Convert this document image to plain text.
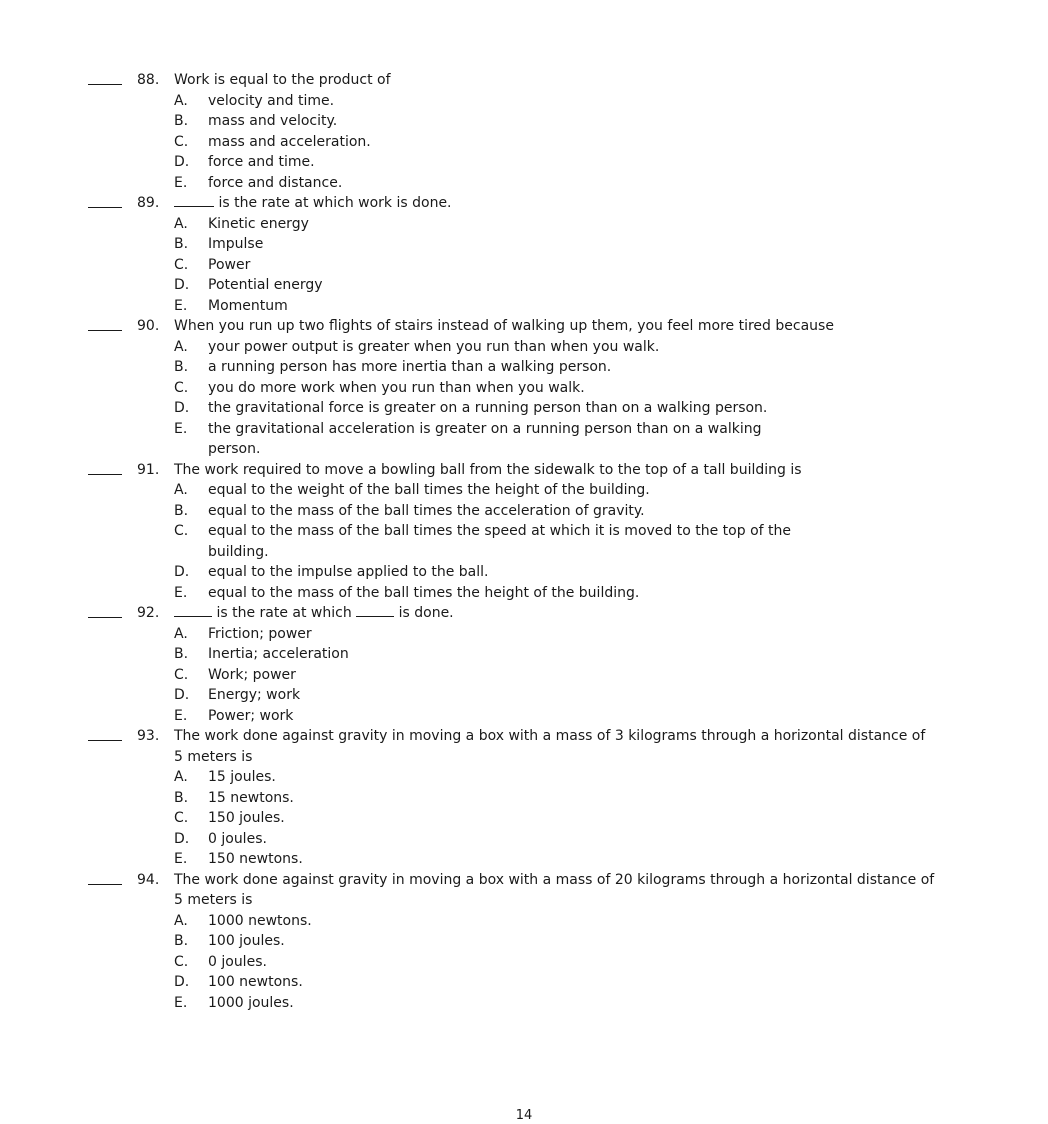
88. Work is equal to the product of
A. velocity and time.
B. mass and velocity.
C. mass and acceleration.
D. force and time.
E. force and distance.
89.	is the rate at which work is done.
A. Kinetic energy
B. Impulse
C. Power
D. Potential energy
E. Momentum
90. When you run up two flights of stairs instead of walking up them, you feel more tired because
A. your power output is greater when you run than when you walk.
B. a running person has more inertia than a walking person.
C. you do more work when you run than when you walk.
D. the gravitational force is greater on a running person than on a walking person.
E. the gravitational acceleration is greater on a running person than on a walking person.
91. The work required to move a bowling ball from the sidewalk to the top of a tall building is
A. equal to the weight of the ball times the height of the building.
B. equal to the mass of the ball times the acceleration of gravity.
C. equal to the mass of the ball times the speed at which it is moved to the top of the building.
D. equal to the impulse applied to the ball.
E. equal to the mass of the ball times the height of the building.
92.	is the rate at which	is done.
A. Friction; power
B. Inertia; acceleration
C. Work; power
D. Energy; work
E. Power; work
93. The work done against gravity in moving a box with a mass of 3 kilograms through a horizontal distance of
5 meters is
A. 15 joules.
B. 15 newtons.
C. 150 joules.
D. 0 joules.
E. 150 newtons.
94. The work done against gravity in moving a box with a mass of 20 kilograms through a horizontal distance of
5 meters is
A. 1000 newtons.
B. 100 joules.
C. 0 joules.
D. 100 newtons.
E. 1000 joules.
14
